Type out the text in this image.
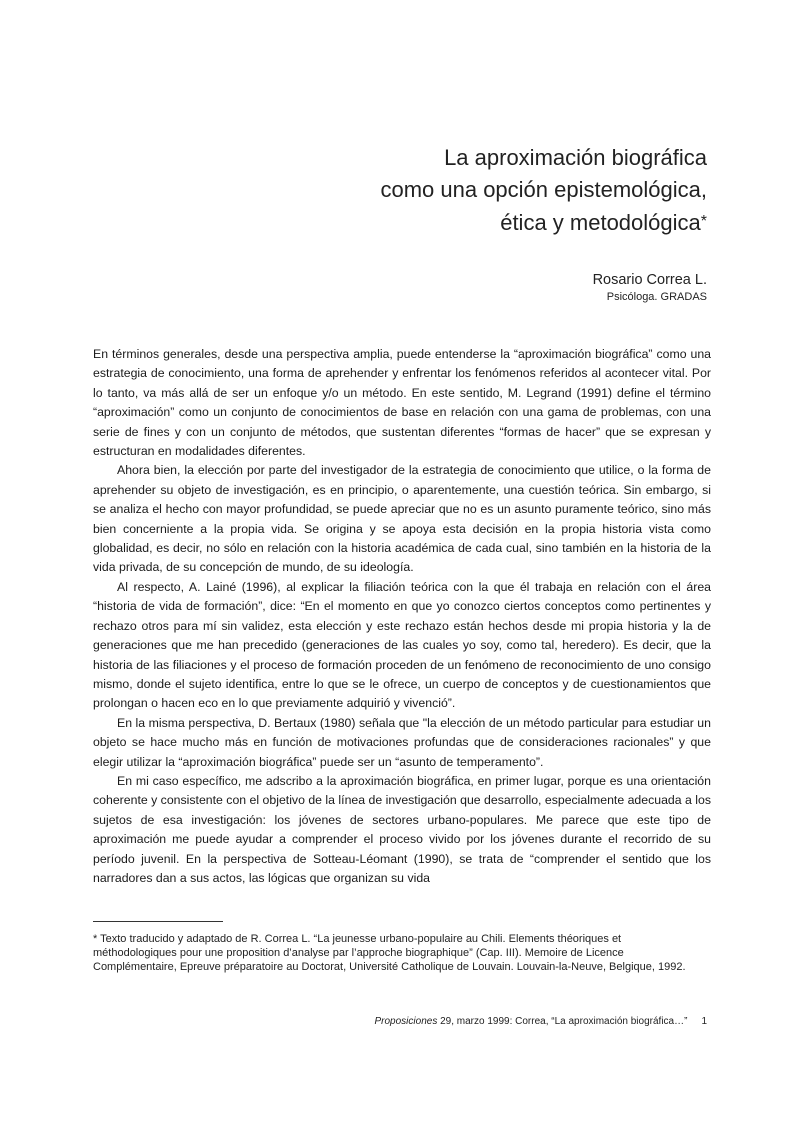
La aproximación biográfica
como una opción epistemológica,
ética y metodológica*
Rosario Correa L.
Psicóloga. GRADAS

En términos generales, desde una perspectiva amplia, puede entenderse la “aproximación biográfica” como una estrategia de conocimiento, una forma de aprehender y enfrentar los fenómenos referidos al acontecer vital. Por lo tanto, va más allá de ser un enfoque y/o un método. En este sentido, M. Legrand (1991) define el término “aproximación” como un conjunto de conocimientos de base en relación con una gama de problemas, con una serie de fines y con un conjunto de métodos, que sustentan diferentes “formas de hacer” que se expresan y estructuran en modalidades diferentes.

Ahora bien, la elección por parte del investigador de la estrategia de conocimiento que utilice, o la forma de aprehender su objeto de investigación, es en principio, o aparentemente, una cuestión teórica. Sin embargo, si se analiza el hecho con mayor profundidad, se puede apreciar que no es un asunto puramente teórico, sino más bien concerniente a la propia vida. Se origina y se apoya esta decisión en la propia historia vista como globalidad, es decir, no sólo en relación con la historia académica de cada cual, sino también en la historia de la vida privada, de su concepción de mundo, de su ideología.

Al respecto, A. Lainé (1996), al explicar la filiación teórica con la que él trabaja en relación con el área “historia de vida de formación”, dice: “En el momento en que yo conozco ciertos conceptos como pertinentes y rechazo otros para mí sin validez, esta elección y este rechazo están hechos desde mi propia historia y la de generaciones que me han precedido (generaciones de las cuales yo soy, como tal, heredero). Es decir, que la historia de las filiaciones y el proceso de formación proceden de un fenómeno de reconocimiento de uno consigo mismo, donde el sujeto identifica, entre lo que se le ofrece, un cuerpo de conceptos y de cuestionamientos que prolongan o hacen eco en lo que previamente adquirió y vivenció”.

En la misma perspectiva, D. Bertaux (1980) señala que "la elección de un método particular para estudiar un objeto se hace mucho más en función de motivaciones profundas que de consideraciones racionales” y que elegir utilizar la “aproximación biográfica” puede ser un “asunto de temperamento”.

En mi caso específico, me adscribo a la aproximación biográfica, en primer lugar, porque es una orientación coherente y consistente con el objetivo de la línea de investigación que desarrollo, especialmente adecuada a los sujetos de esa investigación: los jóvenes de sectores urbano-populares. Me parece que este tipo de aproximación me puede ayudar a comprender el proceso vivido por los jóvenes durante el recorrido de su período juvenil. En la perspectiva de Sotteau-Léomant (1990), se trata de “comprender el sentido que los narradores dan a sus actos, las lógicas que organizan su vida

* Texto traducido y adaptado de R. Correa L. “La jeunesse urbano-populaire au Chili. Elements théoriques et méthodologiques pour une proposition d’analyse par l’approche biographique” (Cap. III). Memoire de Licence Complémentaire, Epreuve préparatoire au Doctorat, Université Catholique de Louvain. Louvain-la-Neuve, Belgique, 1992.
Proposiciones 29, marzo 1999: Correa, “La aproximación biográfica…” 1
